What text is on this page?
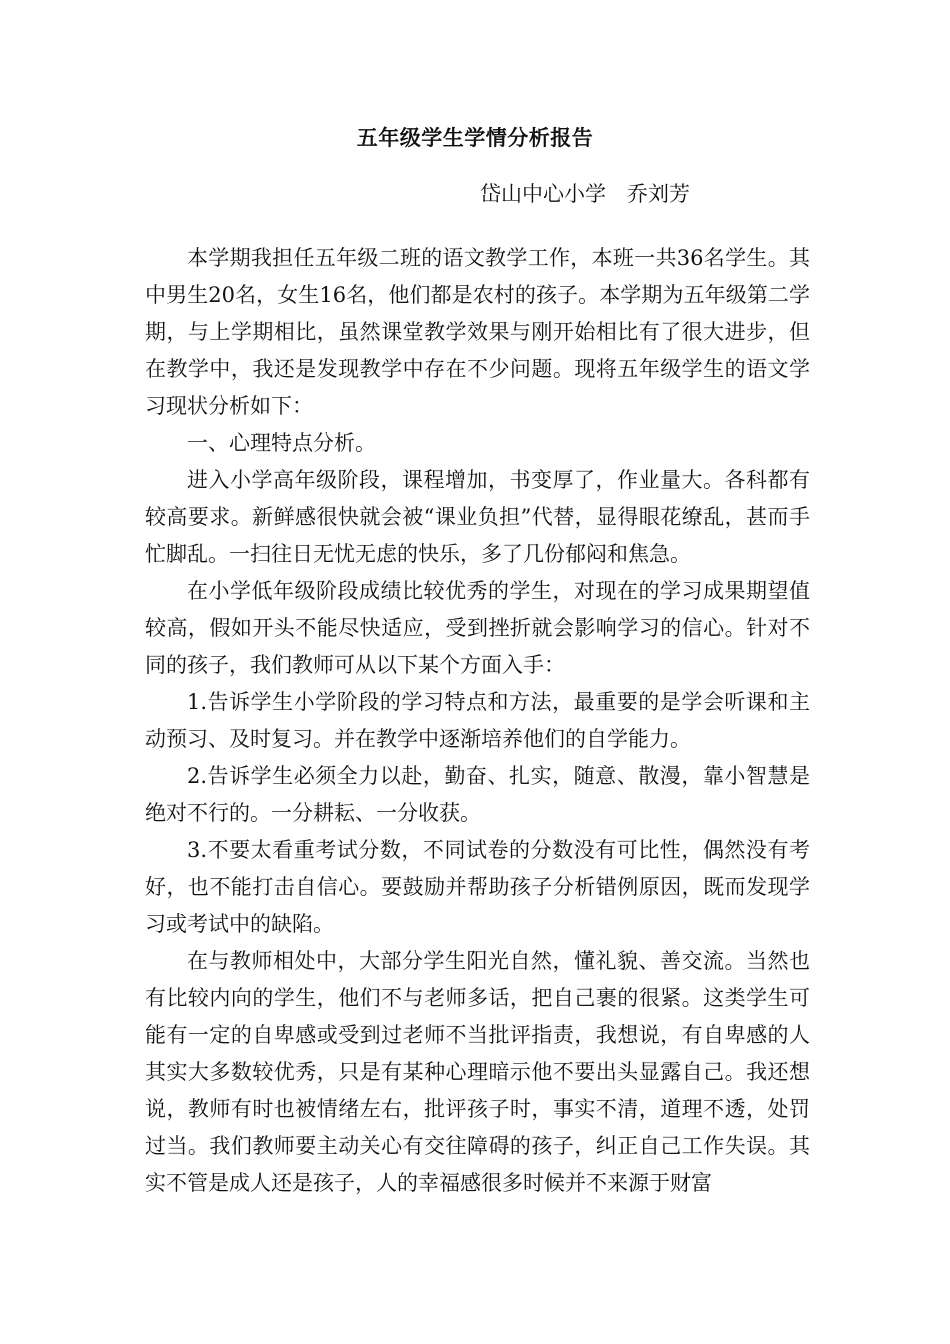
五年级学生学情分析报告
岱山中心小学　乔刘芳

本学期我担任五年级二班的语文教学工作，本班一共36名学生。其中男生20名，女生16名，他们都是农村的孩子。本学期为五年级第二学期，与上学期相比，虽然课堂教学效果与刚开始相比有了很大进步，但在教学中，我还是发现教学中存在不少问题。现将五年级学生的语文学习现状分析如下：

一、心理特点分析。

进入小学高年级阶段，课程增加，书变厚了，作业量大。各科都有较高要求。新鲜感很快就会被“课业负担”代替，显得眼花缭乱，甚而手忙脚乱。一扫往日无忧无虑的快乐，多了几份郁闷和焦急。

在小学低年级阶段成绩比较优秀的学生，对现在的学习成果期望值较高，假如开头不能尽快适应，受到挫折就会影响学习的信心。针对不同的孩子，我们教师可从以下某个方面入手：

1.告诉学生小学阶段的学习特点和方法，最重要的是学会听课和主动预习、及时复习。并在教学中逐渐培养他们的自学能力。

2.告诉学生必须全力以赴，勤奋、扎实，随意、散漫，靠小智慧是绝对不行的。一分耕耘、一分收获。

3.不要太看重考试分数，不同试卷的分数没有可比性，偶然没有考好，也不能打击自信心。要鼓励并帮助孩子分析错例原因，既而发现学习或考试中的缺陷。

在与教师相处中，大部分学生阳光自然，懂礼貌、善交流。当然也有比较内向的学生，他们不与老师多话，把自己裹的很紧。这类学生可能有一定的自卑感或受到过老师不当批评指责，我想说，有自卑感的人其实大多数较优秀，只是有某种心理暗示他不要出头显露自己。我还想说，教师有时也被情绪左右，批评孩子时，事实不清，道理不透，处罚过当。我们教师要主动关心有交往障碍的孩子，纠正自己工作失误。其实不管是成人还是孩子，人的幸福感很多时候并不来源于财富
